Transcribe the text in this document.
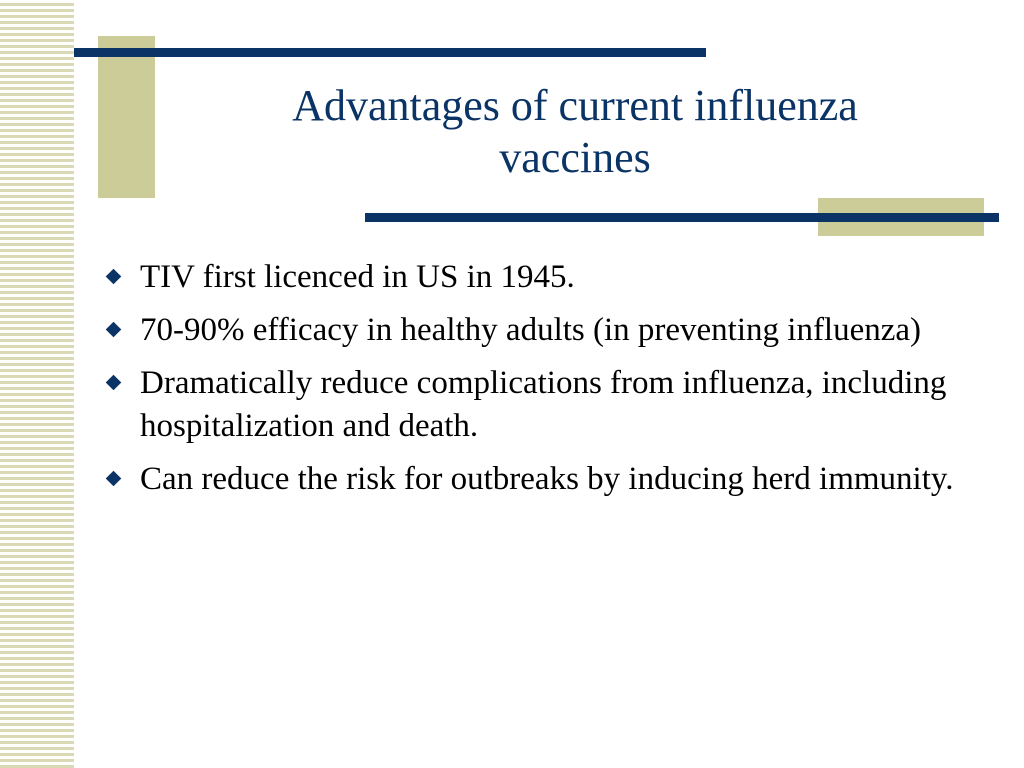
Advantages of current influenza
vaccines
TIV first licenced in US in 1945.
70-90% efficacy in healthy adults (in preventing influenza)
Dramatically reduce complications from influenza, including hospitalization and death.
Can reduce the risk for outbreaks by inducing herd immunity.
